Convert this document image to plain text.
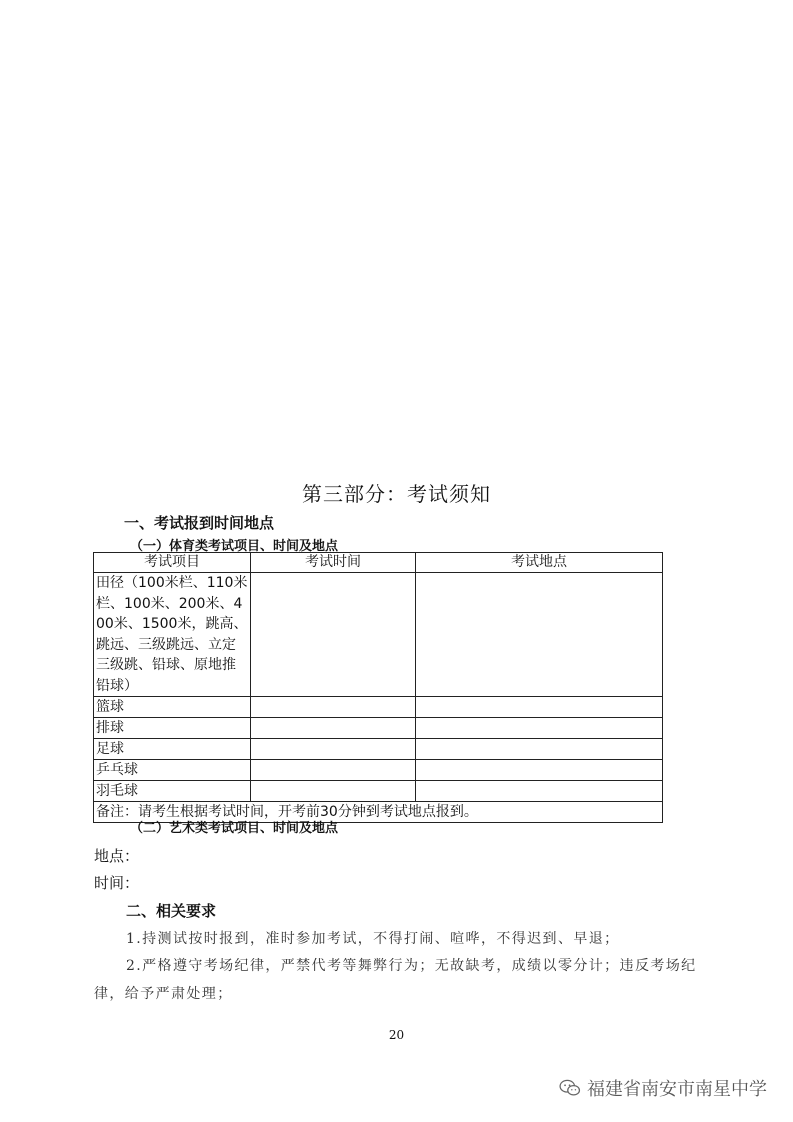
第三部分：考试须知
一、考试报到时间地点
（一）体育类考试项目、时间及地点
考试项目	考试时间	考试地点
田径（100米栏、110米栏、100米、200米、400米、1500米，跳高、跳远、三级跳远、立定三级跳、铅球、原地推铅球）		
篮球		
排球		
足球		
乒乓球		
羽毛球		
备注：请考生根据考试时间，开考前30分钟到考试地点报到。		
（二）艺术类考试项目、时间及地点
地点：
时间：
二、相关要求
1.持测试按时报到，准时参加考试，不得打闹、喧哗，不得迟到、早退；
2.严格遵守考场纪律，严禁代考等舞弊行为；无故缺考，成绩以零分计；违反考场纪律，给予严肃处理；
20
福建省南安市南星中学
